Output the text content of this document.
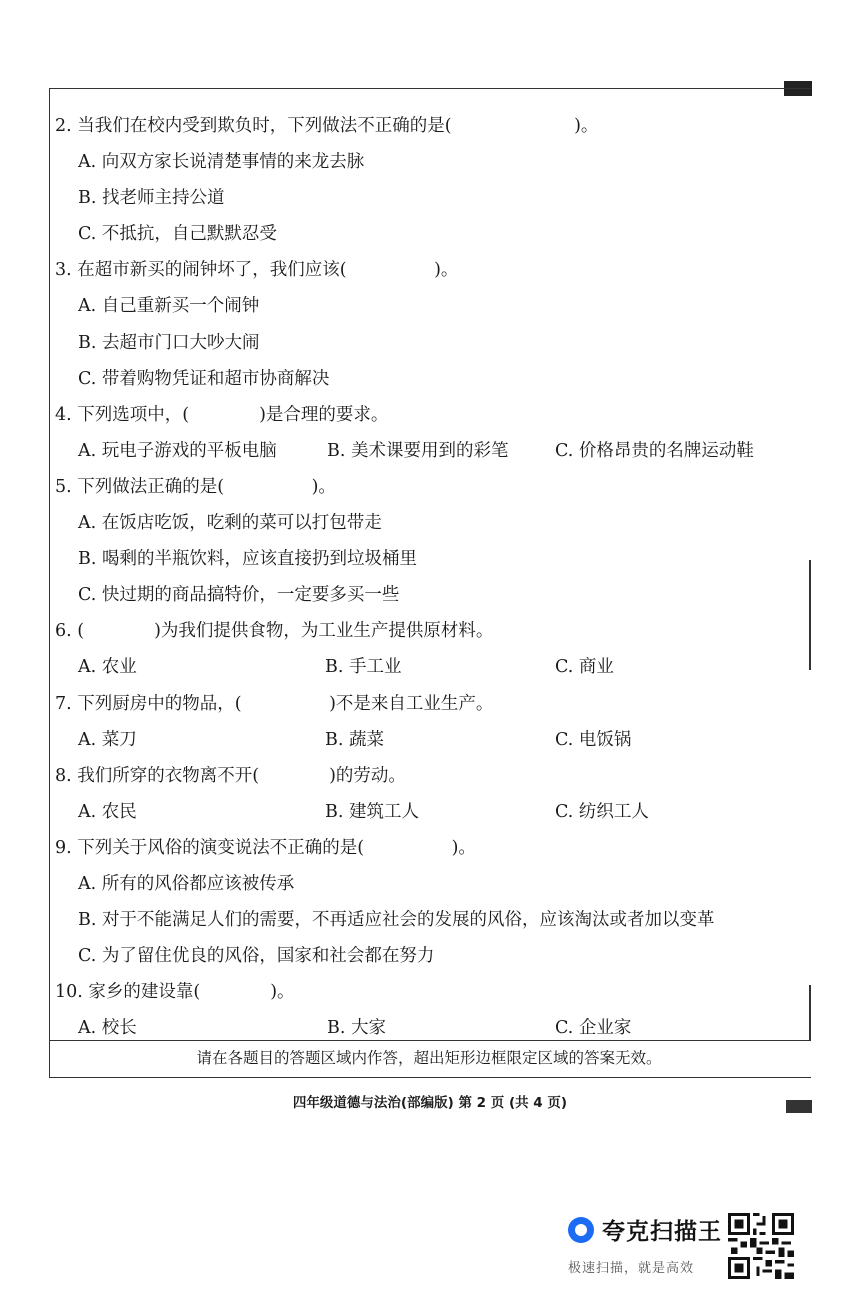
2. 当我们在校内受到欺负时，下列做法不正确的是(　　　　　　　)。
A. 向双方家长说清楚事情的来龙去脉
B. 找老师主持公道
C. 不抵抗，自己默默忍受
3. 在超市新买的闹钟坏了，我们应该(　　　　　)。
A. 自己重新买一个闹钟
B. 去超市门口大吵大闹
C. 带着购物凭证和超市协商解决
4. 下列选项中，(　　　　)是合理的要求。
A. 玩电子游戏的平板电脑	B. 美术课要用到的彩笔	C. 价格昂贵的名牌运动鞋
5. 下列做法正确的是(　　　　　)。
A. 在饭店吃饭，吃剩的菜可以打包带走
B. 喝剩的半瓶饮料，应该直接扔到垃圾桶里
C. 快过期的商品搞特价，一定要多买一些
6. (　　　　)为我们提供食物，为工业生产提供原材料。
A. 农业	B. 手工业	C. 商业
7. 下列厨房中的物品，(　　　　　)不是来自工业生产。
A. 菜刀	B. 蔬菜	C. 电饭锅
8. 我们所穿的衣物离不开(　　　　)的劳动。
A. 农民	B. 建筑工人	C. 纺织工人
9. 下列关于风俗的演变说法不正确的是(　　　　　)。
A. 所有的风俗都应该被传承
B. 对于不能满足人们的需要，不再适应社会的发展的风俗，应该淘汰或者加以变革
C. 为了留住优良的风俗，国家和社会都在努力
10. 家乡的建设靠(　　　　)。
A. 校长	B. 大家	C. 企业家
请在各题目的答题区域内作答，超出矩形边框限定区域的答案无效。
四年级道德与法治(部编版) 第 2 页 (共 4 页)
夸克扫描王
极速扫描，就是高效
